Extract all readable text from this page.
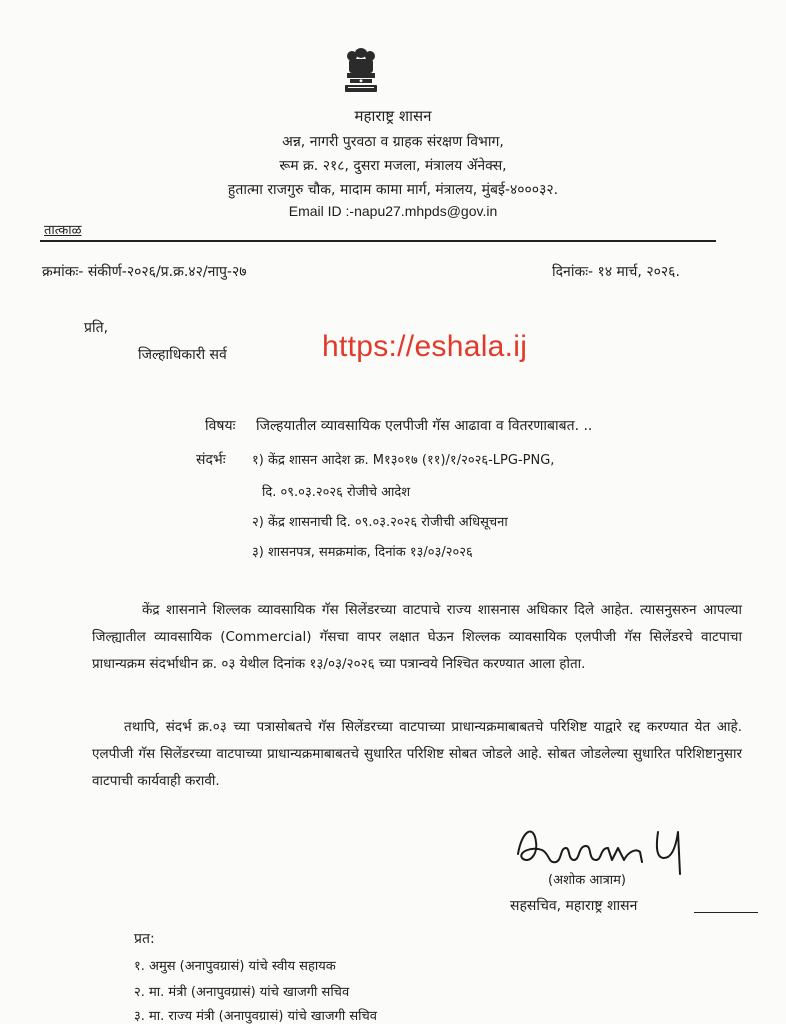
महाराष्ट्र शासन
अन्न, नागरी पुरवठा व ग्राहक संरक्षण विभाग,
रूम क्र. २१८, दुसरा मजला, मंत्रालय ॲनेक्स,
हुतात्मा राजगुरु चौक, मादाम कामा मार्ग, मंत्रालय, मुंबई-४०००३२.
Email ID :-napu27.mhpds@gov.in
तात्काळ
क्रमांकः- संकीर्ण-२०२६/प्र.क्र.४२/नापु-२७	दिनांकः- १४ मार्च, २०२६.
प्रति,
जिल्हाधिकारी सर्व	https://eshala.ij
विषयः जिल्हयातील व्यावसायिक एलपीजी गॅस आढावा व वितरणाबाबत. ..
संदर्भः १) केंद्र शासन आदेश क्र. M१३०१७ (११)/१/२०२६-LPG-PNG,
दि. ०९.०३.२०२६ रोजीचे आदेश
२) केंद्र शासनाची दि. ०९.०३.२०२६ रोजीची अधिसूचना
३) शासनपत्र, समक्रमांक, दिनांक १३/०३/२०२६
केंद्र शासनाने शिल्लक व्यावसायिक गॅस सिलेंडरच्या वाटपाचे राज्य शासनास अधिकार दिले आहेत. त्यासनुसरुन आपल्या जिल्ह्यातील व्यावसायिक (Commercial) गॅसचा वापर लक्षात घेऊन शिल्लक व्यावसायिक एलपीजी गॅस सिलेंडरचे वाटपाचा प्राधान्यक्रम संदर्भाधीन क्र. ०३ येथील दिनांक १३/०३/२०२६ च्या पत्रान्वये निश्चित करण्यात आला होता.
तथापि, संदर्भ क्र.०३ च्या पत्रासोबतचे गॅस सिलेंडरच्या वाटपाच्या प्राधान्यक्रमाबाबतचे परिशिष्ट याद्वारे रद्द करण्यात येत आहे. एलपीजी गॅस सिलेंडरच्या वाटपाच्या प्राधान्यक्रमाबाबतचे सुधारित परिशिष्ट सोबत जोडले आहे. सोबत जोडलेल्या सुधारित परिशिष्टानुसार वाटपाची कार्यवाही करावी.
(अशोक आत्राम)
सहसचिव, महाराष्ट्र शासन
प्रत:
१. अमुस (अनापुवग्रासं) यांचे स्वीय सहायक
२. मा. मंत्री (अनापुवग्रासं) यांचे खाजगी सचिव
३. मा. राज्य मंत्री (अनापुवग्रासं) यांचे खाजगी सचिव
